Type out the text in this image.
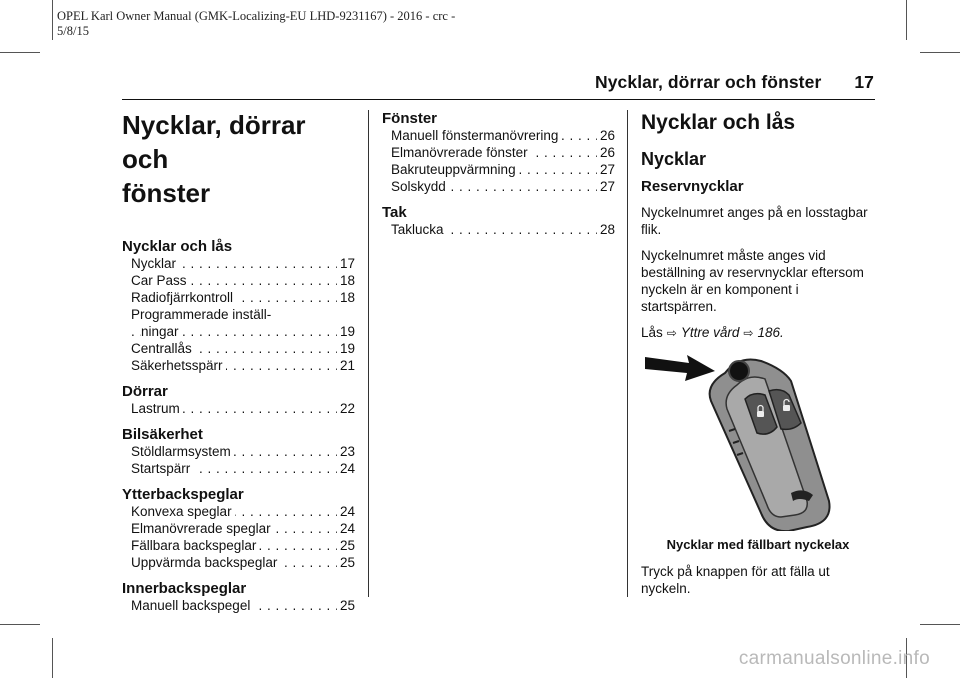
OPEL Karl Owner Manual (GMK-Localizing-EU LHD-9231167) - 2016 - crc -
5/8/15
Nycklar, dörrar och fönster 17
Nycklar, dörrar och
fönster
Nycklar och lås
Nycklar	17
. . .
Car Pass	18
. . .
Radiofjärrkontroll	18
. . .
Programmerade inställ-
ningar	19
. . .
Centrallås	19
. . .
Säkerhetsspärr	21
. . .
Dörrar
Lastrum	22
. . .
Bilsäkerhet
Stöldlarmsystem	23
. . .
Startspärr	24
. . .
Ytterbackspeglar
Konvexa speglar	24
. . .
Elmanövrerade speglar	24
. . .
Fällbara backspeglar	25
. . .
Uppvärmda backspeglar	25
. . .
Innerbackspeglar
Manuell backspegel	25
. . .
Fönster
Manuell fönstermanövrering	26
. . .
Elmanövrerade fönster	26
. . .
Bakruteuppvärmning	27
. . .
Solskydd	27
. . .
Tak
Taklucka	28
. . .
Nycklar och lås
Nycklar
Reservnycklar

Nyckelnumret anges på en losstagbar flik.

Nyckelnumret måste anges vid beställning av reservnycklar eftersom nyckeln är en komponent i startspärren.

Lås ⇨ Yttre vård ⇨ 186.

Nycklar med fällbart nyckelax

Tryck på knappen för att fälla ut nyckeln.

carmanualsonline.info
